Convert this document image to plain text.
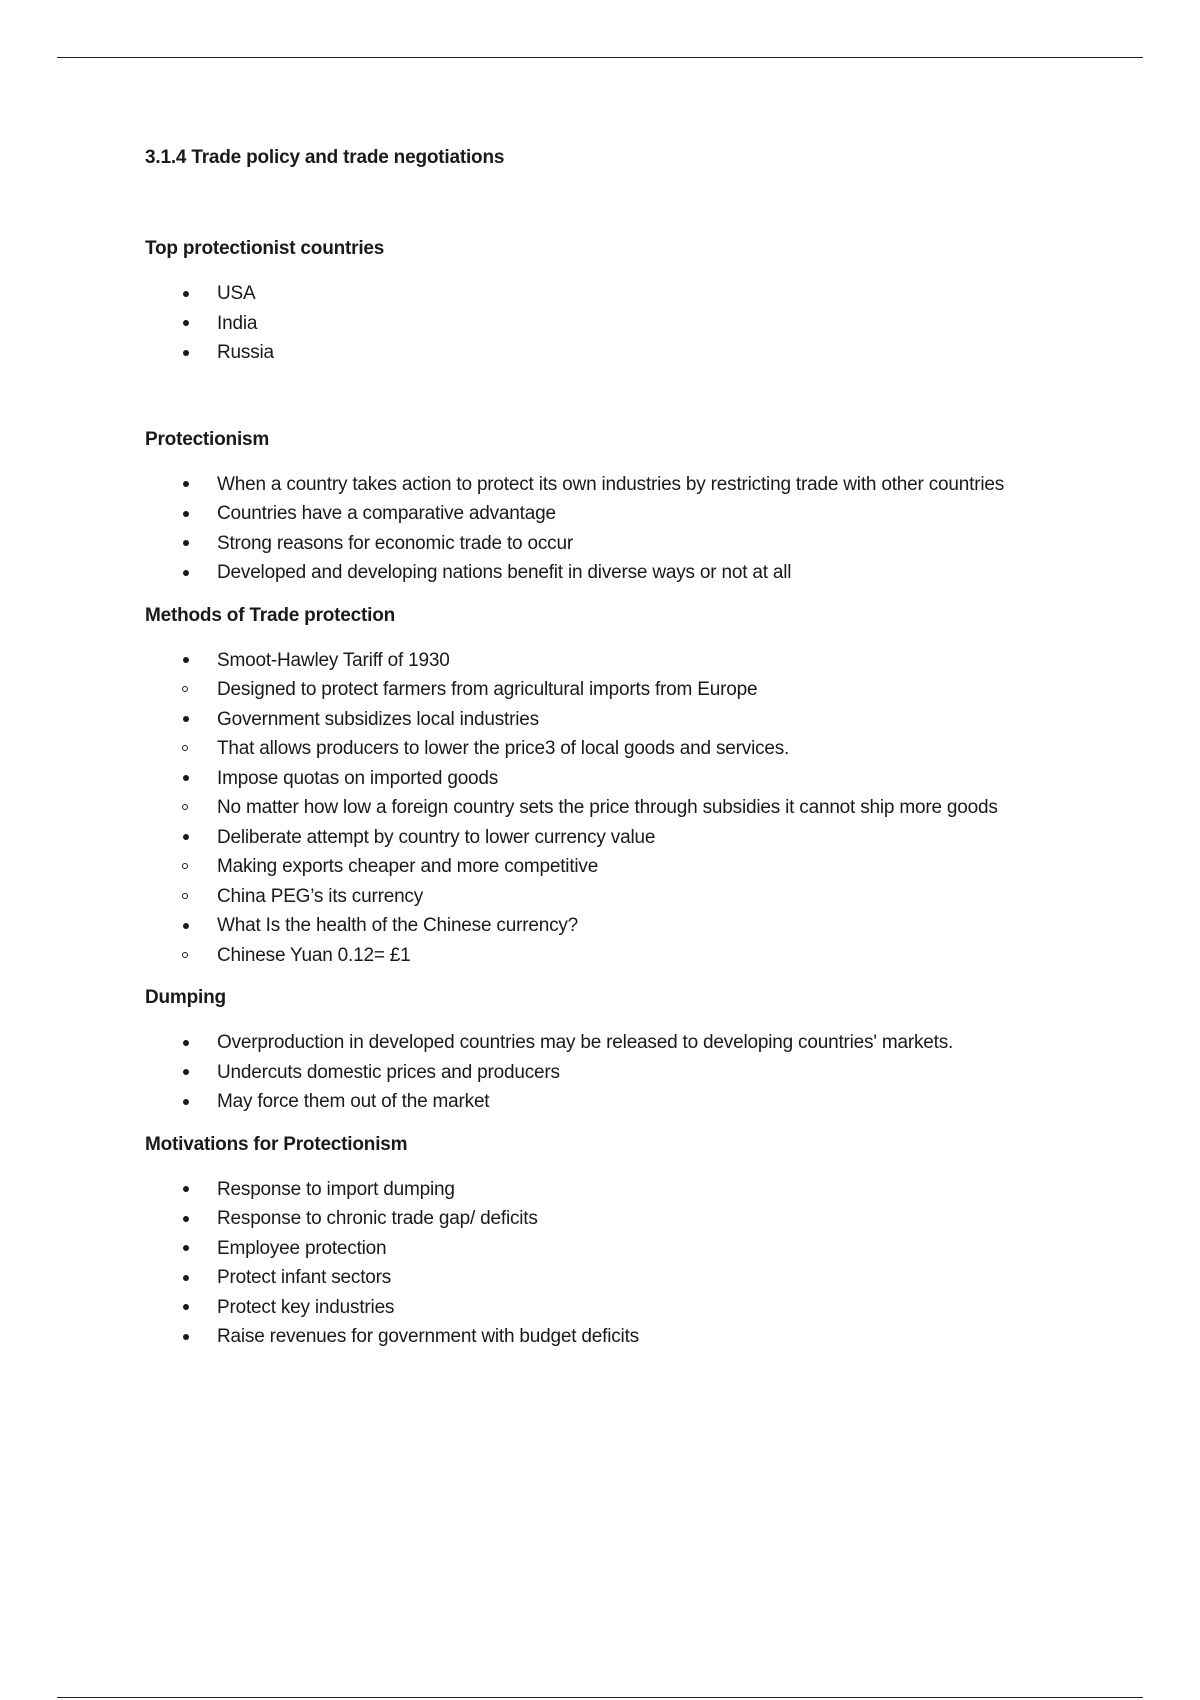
3.1.4 Trade policy and trade negotiations
Top protectionist countries
USA
India
Russia
Protectionism
When a country takes action to protect its own industries by restricting trade with other countries
Countries have a comparative advantage
Strong reasons for economic trade to occur
Developed and developing nations benefit in diverse ways or not at all
Methods of Trade protection
Smoot-Hawley Tariff of 1930
Designed to protect farmers from agricultural imports from Europe
Government subsidizes local industries
That allows producers to lower the price3 of local goods and services.
Impose quotas on imported goods
No matter how low a foreign country sets the price through subsidies it cannot ship more goods
Deliberate attempt by country to lower currency value
Making exports cheaper and more competitive
China PEG’s its currency
What Is the health of the Chinese currency?
Chinese Yuan 0.12= £1
Dumping
Overproduction in developed countries may be released to developing countries' markets.
Undercuts domestic prices and producers
May force them out of the market
Motivations for Protectionism
Response to import dumping
Response to chronic trade gap/ deficits
Employee protection
Protect infant sectors
Protect key industries
Raise revenues for government with budget deficits
